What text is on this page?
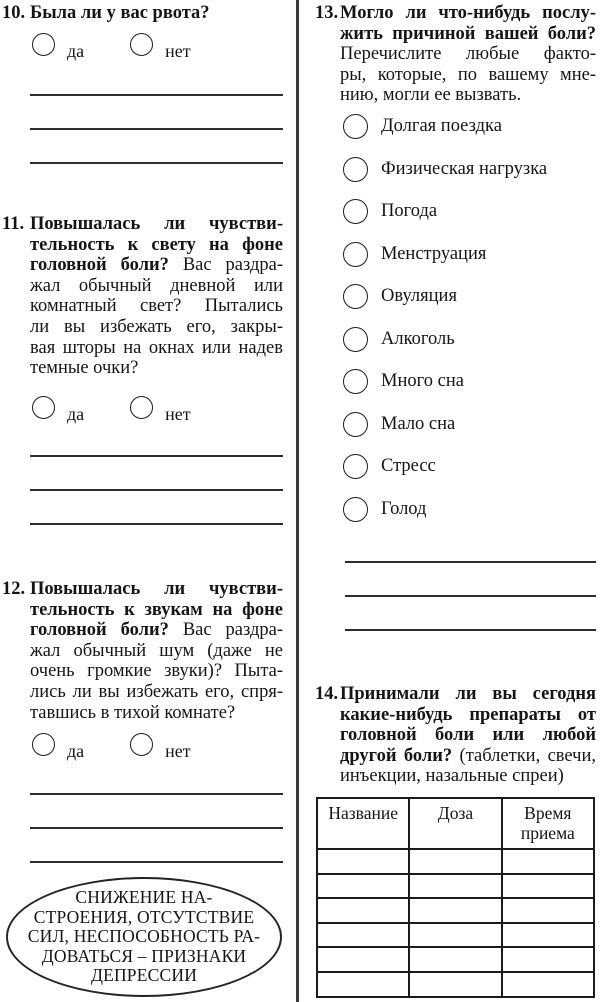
10. Была ли у вас рвота?
да	нет
11. Повышалась ли чувстви-
тельность к свету на фоне
головной боли? Вас раздра-
жал обычный дневной или
комнатный свет? Пытались
ли вы избежать его, закры-
вая шторы на окнах или надев
темные очки?
да	нет
12. Повышалась ли чувстви-
тельность к звукам на фоне
головной боли? Вас раздра-
жал обычный шум (даже не
очень громкие звуки)? Пыта-
лись ли вы избежать его, спря-
тавшись в тихой комнате?
да	нет
СНИЖЕНИЕ НА-
СТРОЕНИЯ, ОТСУТСТВИЕ
СИЛ, НЕСПОСОБНОСТЬ РА-
ДОВАТЬСЯ – ПРИЗНАКИ
ДЕПРЕССИИ
13. Могло ли что-нибудь послу-
жить причиной вашей боли?
Перечислите любые факто-
ры, которые, по вашему мне-
нию, могли ее вызвать.
Долгая поездка
Физическая нагрузка
Погода
Менструация
Овуляция
Алкоголь
Много сна
Мало сна
Стресс
Голод
14. Принимали ли вы сегодня
какие-нибудь препараты от
головной боли или любой
другой боли? (таблетки, свечи,
инъекции, назальные спреи)
Название	Доза	Время приема
